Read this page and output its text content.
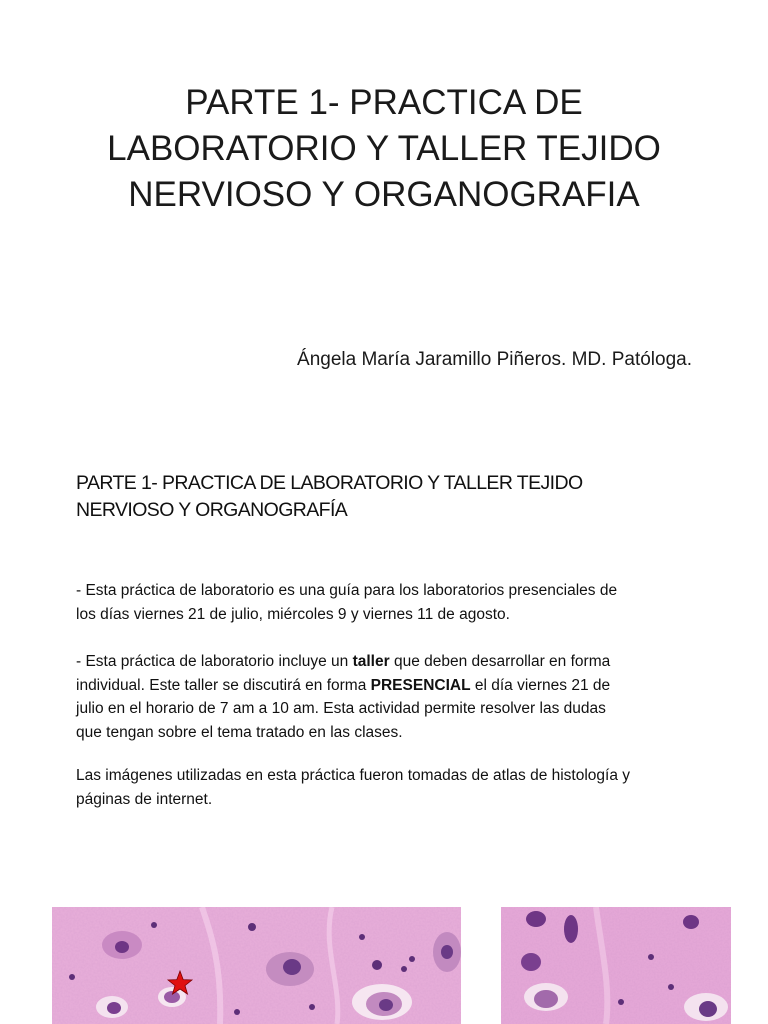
PARTE 1- PRACTICA DE
LABORATORIO Y TALLER TEJIDO
NERVIOSO Y ORGANOGRAFIA

Ángela María Jaramillo Piñeros. MD. Patóloga.

PARTE 1- PRACTICA DE LABORATORIO Y TALLER TEJIDO
NERVIOSO Y ORGANOGRAFÍA

- Esta práctica de laboratorio es una guía para los laboratorios presenciales de
los días viernes 21 de julio, miércoles 9 y viernes 11 de agosto.

- Esta práctica de laboratorio incluye un taller que deben desarrollar en forma
individual. Este taller se discutirá en forma PRESENCIAL el día viernes 21 de
julio en el horario de 7 am a 10 am. Esta actividad permite resolver las dudas
que tengan sobre el tema tratado en las clases.

Las imágenes utilizadas en esta práctica fueron tomadas de atlas de histología y
páginas de internet.
